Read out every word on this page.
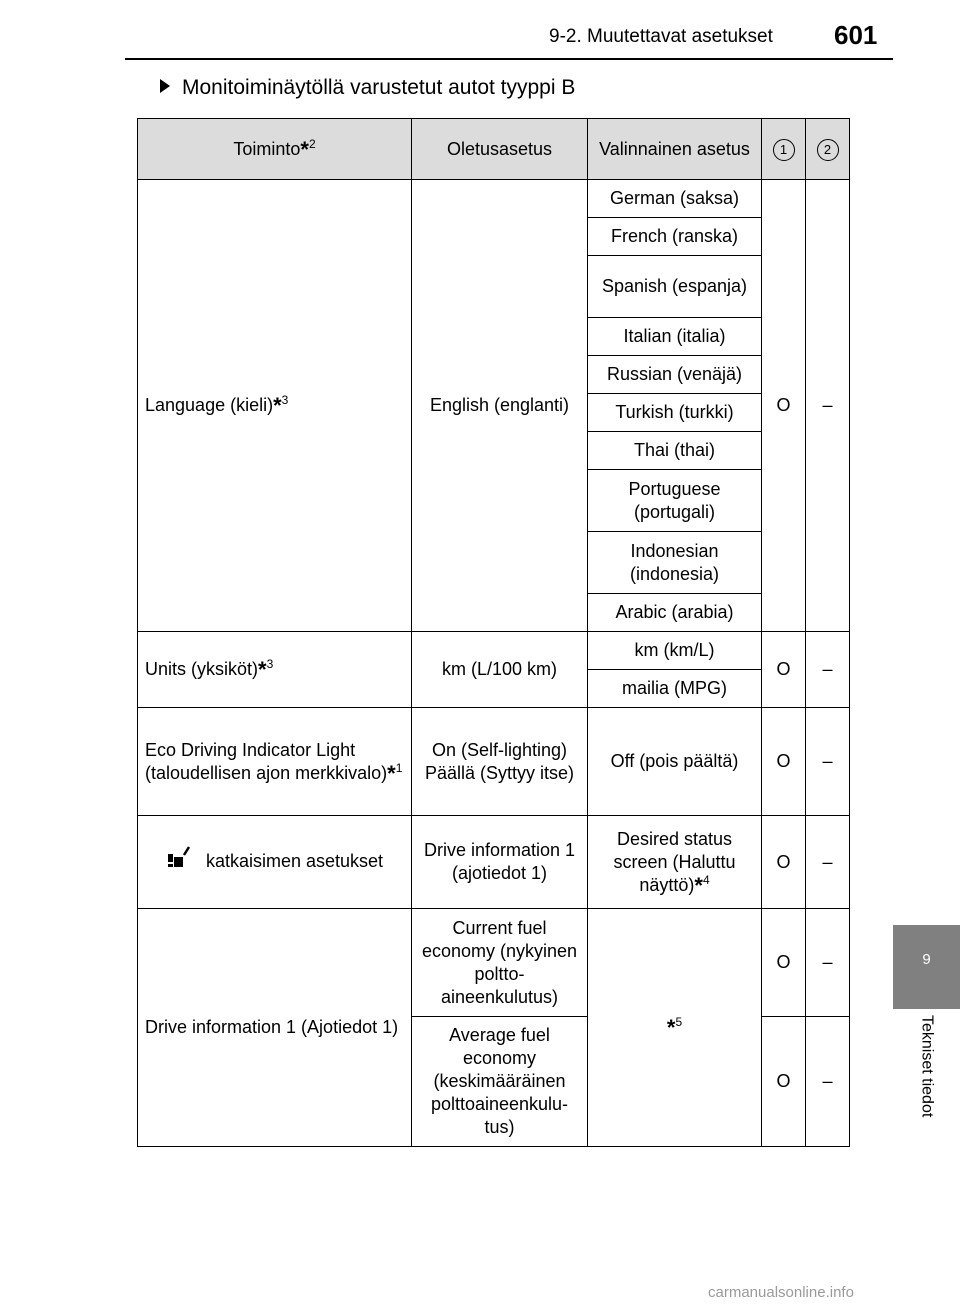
9-2. Muutettavat asetukset 601
9
Tekniset tiedot
Monitoiminäytöllä varustetut autot tyyppi B
Toiminto*$^2$	Oletusasetus	Valinnainen asetus	1	2
Language (kieli)*$^3$	English (englanti)	German (saksa)	O	–
		French (ranska)		
		Spanish (espanja)		
		Italian (italia)		
		Russian (venäjä)		
		Turkish (turkki)		
		Thai (thai)		
		Portuguese (portugali)		
		Indonesian (indonesia)		
		Arabic (arabia)		
Units (yksiköt)*$^3$	km (L/100 km)	km (km/L)	O	–
		mailia (MPG)		
Eco Driving Indicator Light (taloudellisen ajon merkkivalo)*$^1$	On (Self-lighting) Päällä (Syttyy itse)	Off (pois päältä)	O	–
katkaisimen asetukset	Drive information 1 (ajotiedot 1)	Desired status screen (Haluttu näyttö)*$^4$	O	–
Drive information 1 (Ajotiedot 1)	Current fuel economy (nykyinen poltto-aineenkulutus)	*$^5$	O	–
	Average fuel economy (keskimääräinen polttoaineenkulu-tus)		O	–
carmanualsonline.info
